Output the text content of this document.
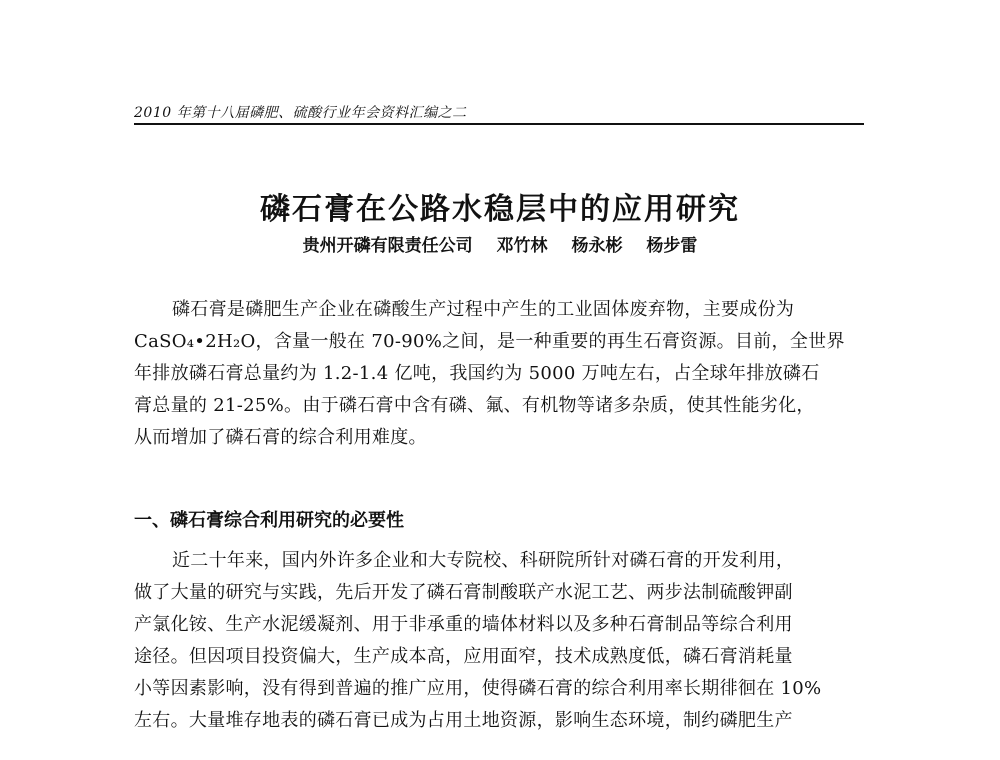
2010 年第十八届磷肥、硫酸行业年会资料汇编之二
磷石膏在公路水稳层中的应用研究
贵州开磷有限责任公司 邓竹林 杨永彬 杨步雷
磷石膏是磷肥生产企业在磷酸生产过程中产生的工业固体废弃物，主要成份为
CaSO₄•2H₂O，含量一般在 70-90%之间，是一种重要的再生石膏资源。目前，全世界
年排放磷石膏总量约为 1.2-1.4 亿吨，我国约为 5000 万吨左右，占全球年排放磷石
膏总量的 21-25%。由于磷石膏中含有磷、氟、有机物等诸多杂质，使其性能劣化，
从而增加了磷石膏的综合利用难度。
一、磷石膏综合利用研究的必要性
近二十年来，国内外许多企业和大专院校、科研院所针对磷石膏的开发利用，
做了大量的研究与实践，先后开发了磷石膏制酸联产水泥工艺、两步法制硫酸钾副
产氯化铵、生产水泥缓凝剂、用于非承重的墙体材料以及多种石膏制品等综合利用
途径。但因项目投资偏大，生产成本高，应用面窄，技术成熟度低，磷石膏消耗量
小等因素影响，没有得到普遍的推广应用，使得磷石膏的综合利用率长期徘徊在 10%
左右。大量堆存地表的磷石膏已成为占用土地资源，影响生态环境，制约磷肥生产
